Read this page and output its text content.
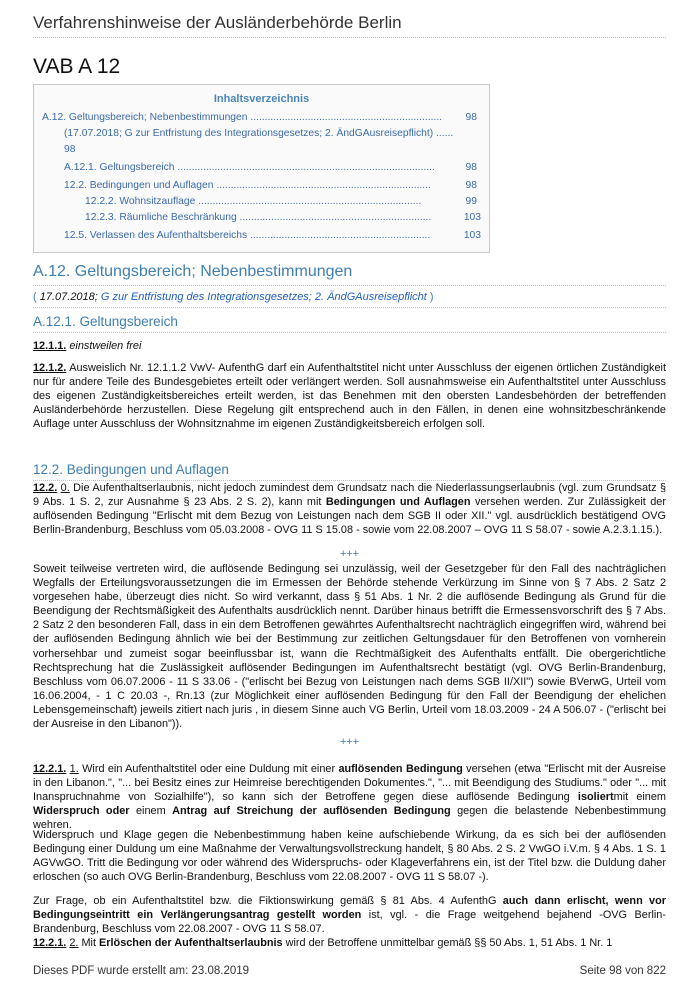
Verfahrenshinweise der Ausländerbehörde Berlin
VAB A 12
Inhaltsverzeichnis
A.12. Geltungsbereich; Nebenbestimmungen ................................................................... 98
(17.07.2018; G zur Entfristung des Integrationsgesetzes; 2. ÄndGAusreisepflicht) ......
98
A.12.1. Geltungsbereich ..........................................................................................	98
12.2. Bedingungen und Auflagen ...........................................................................	98
12.2.2. Wohnsitzauflage ..............................................................................	99
12.2.3. Räumliche Beschränkung ...................................................................	103
12.5. Verlassen des Aufenthaltsbereichs ...............................................................	103
A.12. Geltungsbereich; Nebenbestimmungen
( 17.07.2018; G zur Entfristung des Integrationsgesetzes; 2. ÄndGAusreisepflicht )
A.12.1. Geltungsbereich
12.1.1. einstweilen frei
12.1.2. Ausweislich Nr. 12.1.1.2 VwV- AufenthG darf ein Aufenthaltstitel nicht unter Ausschluss der eigenen örtlichen Zuständigkeit nur für andere Teile des Bundesgebietes erteilt oder verlängert werden. Soll ausnahmsweise ein Aufenthaltstitel unter Ausschluss des eigenen Zuständigkeitsbereiches erteilt werden, ist das Benehmen mit den obersten Landesbehörden der betreffenden Ausländerbehörde herzustellen. Diese Regelung gilt entsprechend auch in den Fällen, in denen eine wohnsitzbeschränkende Auflage unter Ausschluss der Wohnsitznahme im eigenen Zuständigkeitsbereich erfolgen soll.
12.2. Bedingungen und Auflagen
12.2. 0. Die Aufenthaltserlaubnis, nicht jedoch zumindest dem Grundsatz nach die Niederlassungserlaubnis (vgl. zum Grundsatz § 9 Abs. 1 S. 2, zur Ausnahme § 23 Abs. 2 S. 2), kann mit Bedingungen und Auflagen versehen werden. Zur Zulässigkeit der auflösenden Bedingung "Erlischt mit dem Bezug von Leistungen nach dem SGB II oder XII." vgl. ausdrücklich bestätigend OVG Berlin-Brandenburg, Beschluss vom 05.03.2008 - OVG 11 S 15.08 - sowie vom 22.08.2007 – OVG 11 S 58.07 - sowie A.2.3.1.15.).
+++
Soweit teilweise vertreten wird, die auflösende Bedingung sei unzulässig, weil der Gesetzgeber für den Fall des nachträglichen Wegfalls der Erteilungsvoraussetzungen die im Ermessen der Behörde stehende Verkürzung im Sinne von § 7 Abs. 2 Satz 2 vorgesehen habe, überzeugt dies nicht. So wird verkannt, dass § 51 Abs. 1 Nr. 2 die auflösende Bedingung als Grund für die Beendigung der Rechtsmäßigkeit des Aufenthalts ausdrücklich nennt. Darüber hinaus betrifft die Ermessensvorschrift des § 7 Abs. 2 Satz 2 den besonderen Fall, dass in ein dem Betroffenen gewährtes Aufenthaltsrecht nachträglich eingegriffen wird, während bei der auflösenden Bedingung ähnlich wie bei der Bestimmung zur zeitlichen Geltungsdauer für den Betroffenen von vornherein vorhersehbar und zumeist sogar beeinflussbar ist, wann die Rechtmäßigkeit des Aufenthalts entfällt. Die obergerichtliche Rechtsprechung hat die Zuslässigkeit auflösender Bedingungen im Aufenthaltsrecht bestätigt (vgl. OVG Berlin-Brandenburg, Beschluss vom 06.07.2006 - 11 S 33.06 - ("erlischt bei Bezug von Leistungen nach dems SGB II/XII") sowie BVerwG, Urteil vom 16.06.2004, - 1 C 20.03 -, Rn.13 (zur Möglichkeit einer auflösenden Bedingung für den Fall der Beendigung der ehelichen Lebensgemeinschaft) jeweils zitiert nach juris , in diesem Sinne auch VG Berlin, Urteil vom 18.03.2009 - 24 A 506.07 - ("erlischt bei der Ausreise in den Libanon")).
+++
12.2.1. 1. Wird ein Aufenthaltstitel oder eine Duldung mit einer auflösenden Bedingung versehen (etwa "Erlischt mit der Ausreise in den Libanon.", "... bei Besitz eines zur Heimreise berechtigenden Dokumentes.", "... mit Beendigung des Studiums." oder "... mit Inanspruchnahme von Sozialhilfe"), so kann sich der Betroffene gegen diese auflösende Bedingung isoliertmit einem Widerspruch oder einem Antrag auf Streichung der auflösenden Bedingung gegen die belastende Nebenbestimmung wehren.
Widerspruch und Klage gegen die Nebenbestimmung haben keine aufschiebende Wirkung, da es sich bei der auflösenden Bedingung einer Duldung um eine Maßnahme der Verwaltungsvollstreckung handelt, § 80 Abs. 2 S. 2 VwGO i.V.m. § 4 Abs. 1 S. 1 AGVwGO. Tritt die Bedingung vor oder während des Widerspruchs- oder Klageverfahrens ein, ist der Titel bzw. die Duldung daher erloschen (so auch OVG Berlin-Brandenburg, Beschluss vom 22.08.2007 - OVG 11 S 58.07 -).
Zur Frage, ob ein Aufenthaltstitel bzw. die Fiktionswirkung gemäß § 81 Abs. 4 AufenthG auch dann erlischt, wenn vor Bedingungseintritt ein Verlängerungsantrag gestellt worden ist, vgl. - die Frage weitgehend bejahend -OVG Berlin-Brandenburg, Beschluss vom 22.08.2007 - OVG 11 S 58.07.
12.2.1. 2. Mit Erlöschen der Aufenthaltserlaubnis wird der Betroffene unmittelbar gemäß §§ 50 Abs. 1, 51 Abs. 1 Nr. 1
Dieses PDF wurde erstellt am: 23.08.2019	Seite 98 von 822
